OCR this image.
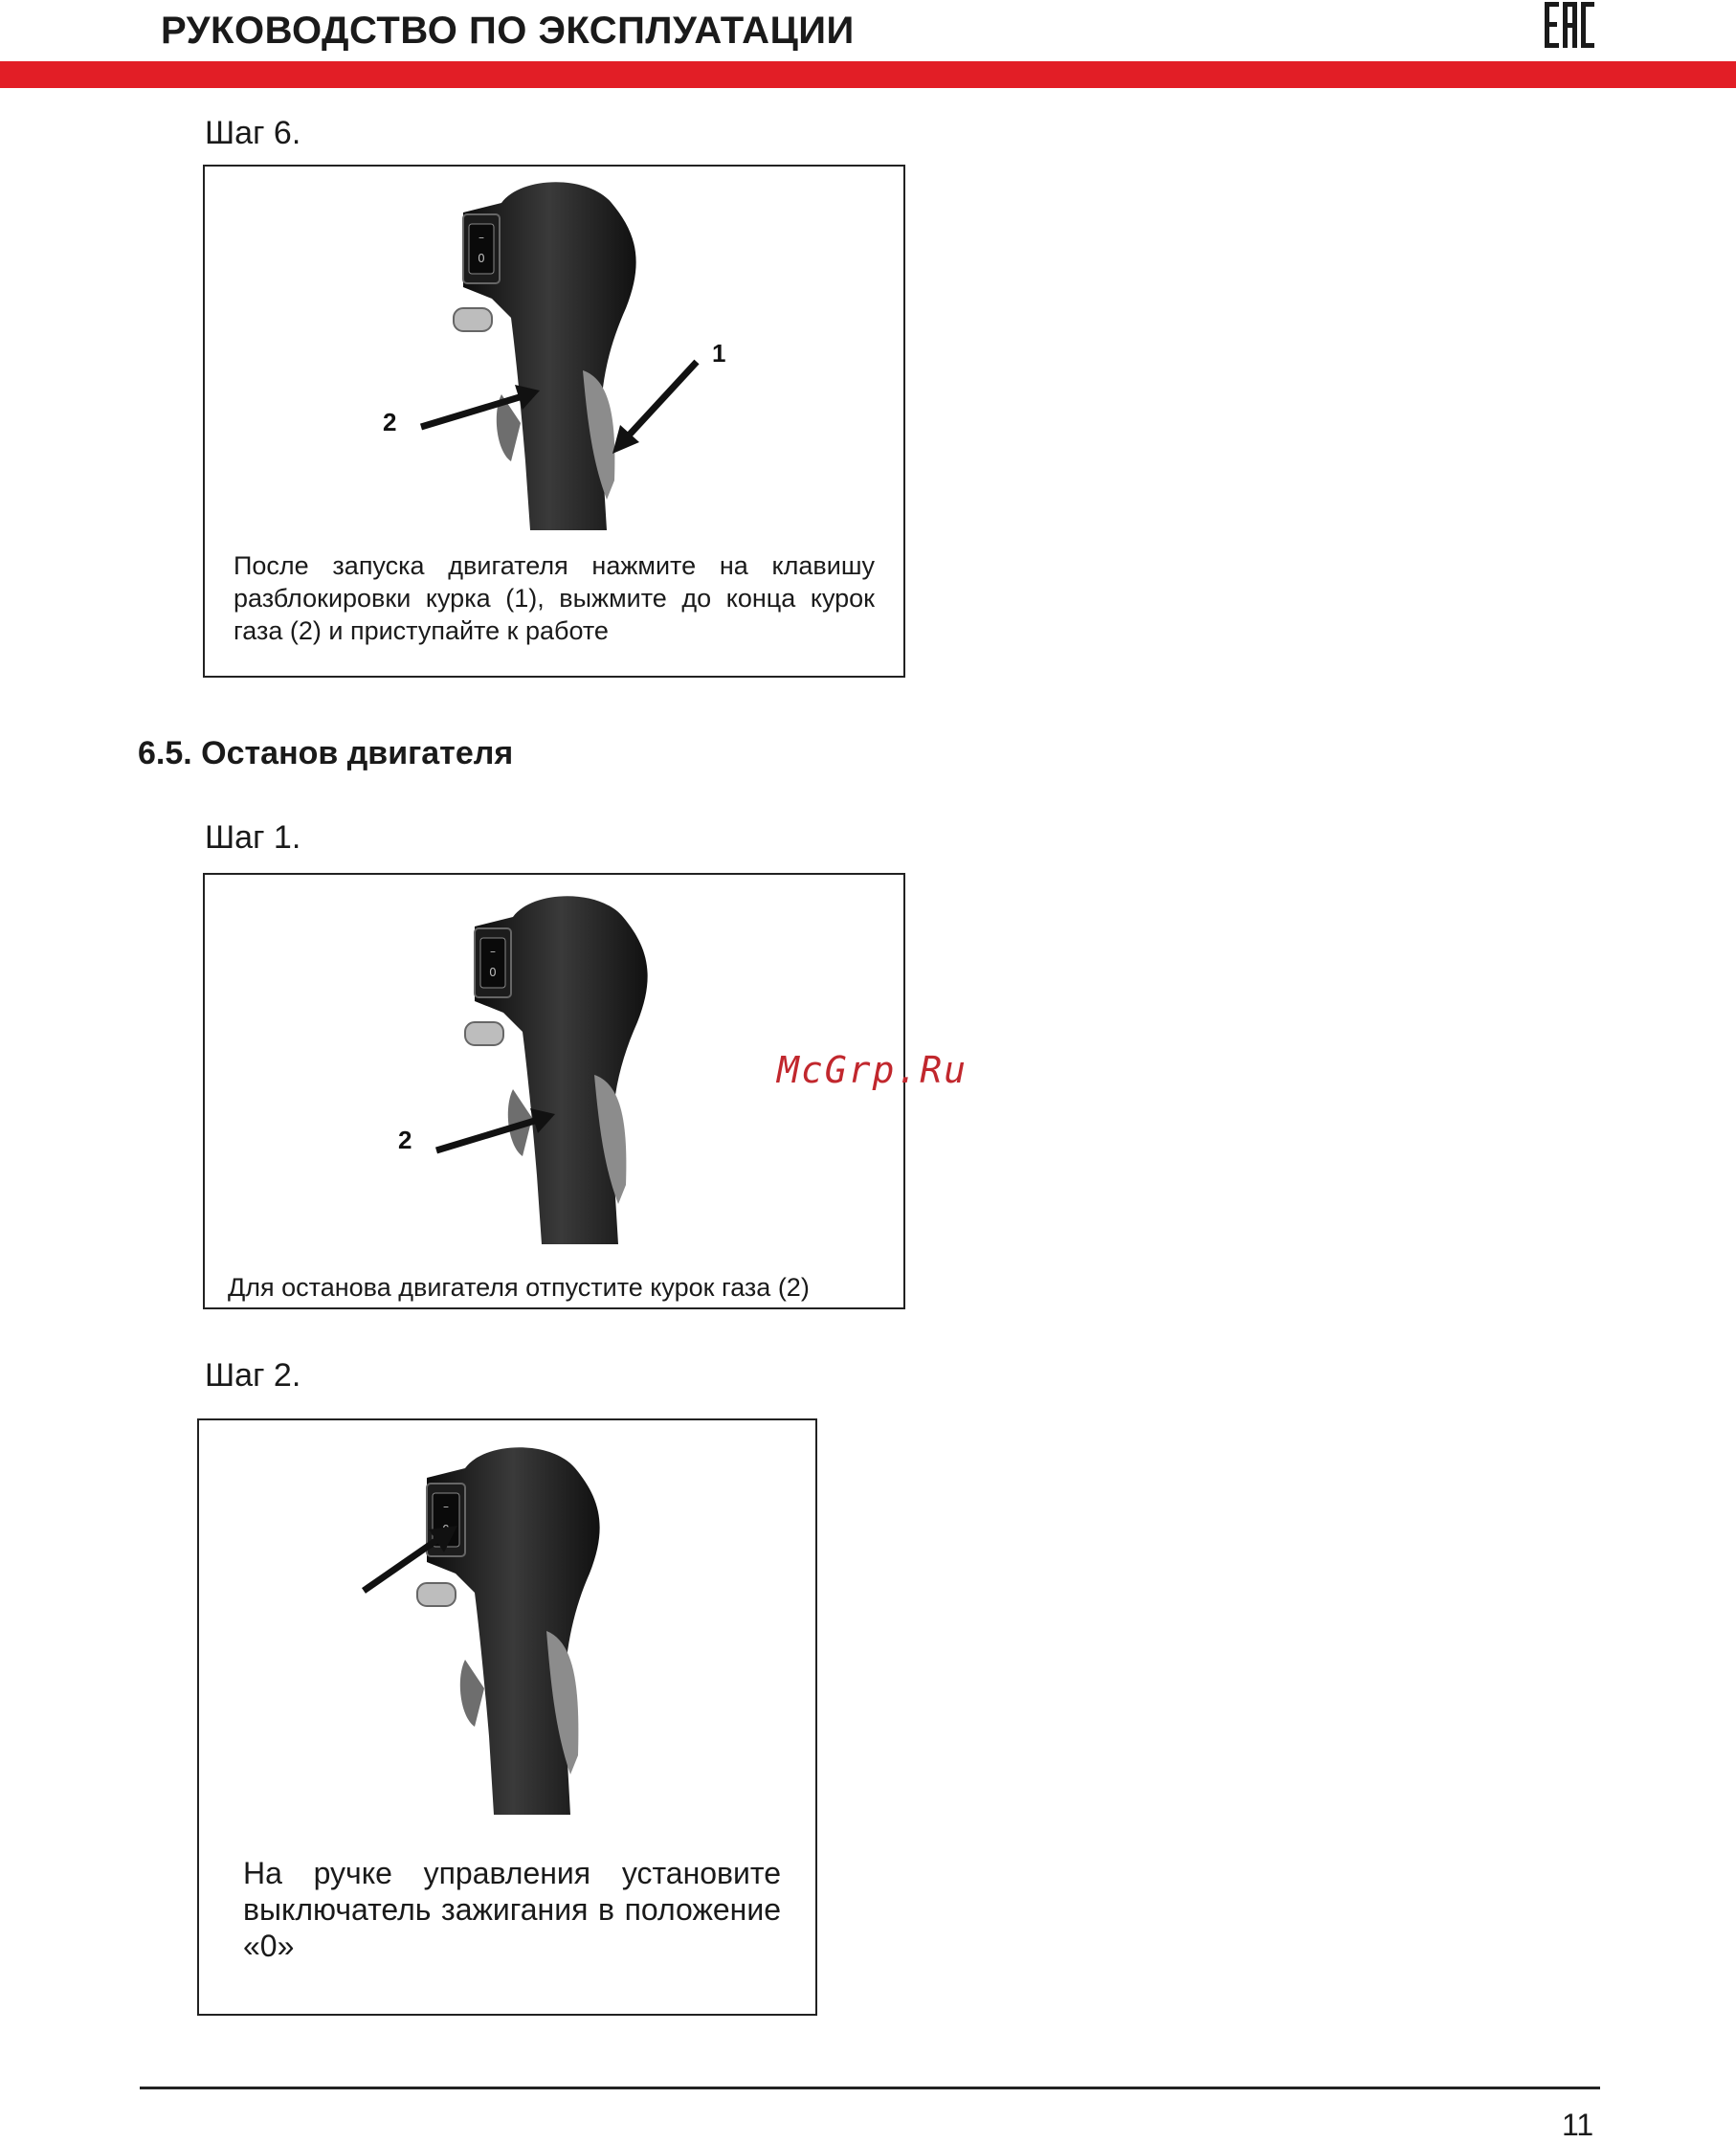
РУКОВОДСТВО ПО ЭКСПЛУАТАЦИИ
Шаг 6.
–
0
1
2
После запуска двигателя нажмите на клавишу разблокировки курка (1), выжмите до конца курок газа (2) и приступайте к работе
6.5. Останов двигателя
Шаг 1.
–
0
2
Для останова двигателя отпустите курок газа (2)
McGrp.Ru
Шаг 2.
–
На ручке управления установите выключатель зажигания в положение «0»
11
